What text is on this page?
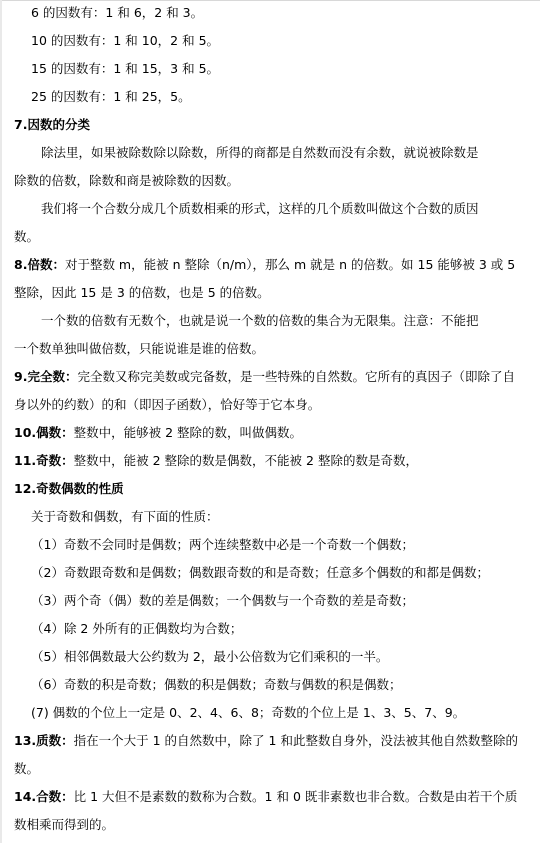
6 的因数有：1 和 6，2 和 3。
10 的因数有：1 和 10，2 和 5。
15 的因数有：1 和 15，3 和 5。
25 的因数有：1 和 25，5。
7.因数的分类
除法里，如果被除数除以除数，所得的商都是自然数而没有余数，就说被除数是
除数的倍数，除数和商是被除数的因数。
我们将一个合数分成几个质数相乘的形式，这样的几个质数叫做这个合数的质因
数。
8.倍数：对于整数 m，能被 n 整除（n/m），那么 m 就是 n 的倍数。如 15 能够被 3 或 5
整除，因此 15 是 3 的倍数，也是 5 的倍数。
一个数的倍数有无数个，也就是说一个数的倍数的集合为无限集。注意：不能把
一个数单独叫做倍数，只能说谁是谁的倍数。
9.完全数：完全数又称完美数或完备数，是一些特殊的自然数。它所有的真因子（即除了自
身以外的约数）的和（即因子函数），恰好等于它本身。
10.偶数：整数中，能够被 2 整除的数，叫做偶数。
11.奇数：整数中，能被 2 整除的数是偶数，不能被 2 整除的数是奇数，
12.奇数偶数的性质
关于奇数和偶数，有下面的性质：
（1）奇数不会同时是偶数；两个连续整数中必是一个奇数一个偶数；
（2）奇数跟奇数和是偶数；偶数跟奇数的和是奇数；任意多个偶数的和都是偶数；
（3）两个奇（偶）数的差是偶数；一个偶数与一个奇数的差是奇数；
（4）除 2 外所有的正偶数均为合数；
（5）相邻偶数最大公约数为 2，最小公倍数为它们乘积的一半。
（6）奇数的积是奇数；偶数的积是偶数；奇数与偶数的积是偶数；
(7) 偶数的个位上一定是 0、2、4、6、8；奇数的个位上是 1、3、5、7、9。
13.质数：指在一个大于 1 的自然数中，除了 1 和此整数自身外，没法被其他自然数整除的
数。
14.合数：比 1 大但不是素数的数称为合数。1 和 0 既非素数也非合数。合数是由若干个质
数相乘而得到的。
